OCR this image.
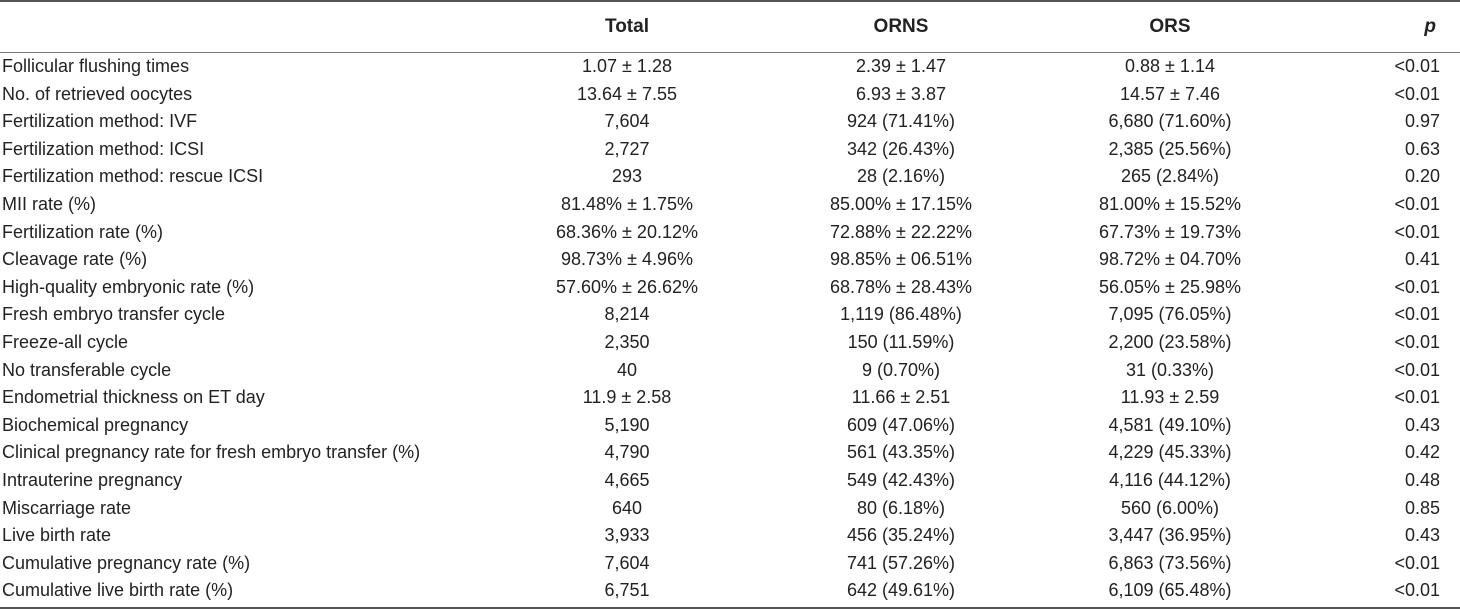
	Total	ORNS	ORS	p
Follicular flushing times	1.07 ± 1.28	2.39 ± 1.47	0.88 ± 1.14	<0.01
No. of retrieved oocytes	13.64 ± 7.55	6.93 ± 3.87	14.57 ± 7.46	<0.01
Fertilization method: IVF	7,604	924 (71.41%)	6,680 (71.60%)	0.97
Fertilization method: ICSI	2,727	342 (26.43%)	2,385 (25.56%)	0.63
Fertilization method: rescue ICSI	293	28 (2.16%)	265 (2.84%)	0.20
MII rate (%)	81.48% ± 1.75%	85.00% ± 17.15%	81.00% ± 15.52%	<0.01
Fertilization rate (%)	68.36% ± 20.12%	72.88% ± 22.22%	67.73% ± 19.73%	<0.01
Cleavage rate (%)	98.73% ± 4.96%	98.85% ± 06.51%	98.72% ± 04.70%	0.41
High-quality embryonic rate (%)	57.60% ± 26.62%	68.78% ± 28.43%	56.05% ± 25.98%	<0.01
Fresh embryo transfer cycle	8,214	1,119 (86.48%)	7,095 (76.05%)	<0.01
Freeze-all cycle	2,350	150 (11.59%)	2,200 (23.58%)	<0.01
No transferable cycle	40	9 (0.70%)	31 (0.33%)	<0.01
Endometrial thickness on ET day	11.9 ± 2.58	11.66 ± 2.51	11.93 ± 2.59	<0.01
Biochemical pregnancy	5,190	609 (47.06%)	4,581 (49.10%)	0.43
Clinical pregnancy rate for fresh embryo transfer (%)	4,790	561 (43.35%)	4,229 (45.33%)	0.42
Intrauterine pregnancy	4,665	549 (42.43%)	4,116 (44.12%)	0.48
Miscarriage rate	640	80 (6.18%)	560 (6.00%)	0.85
Live birth rate	3,933	456 (35.24%)	3,447 (36.95%)	0.43
Cumulative pregnancy rate (%)	7,604	741 (57.26%)	6,863 (73.56%)	<0.01
Cumulative live birth rate (%)	6,751	642 (49.61%)	6,109 (65.48%)	<0.01
